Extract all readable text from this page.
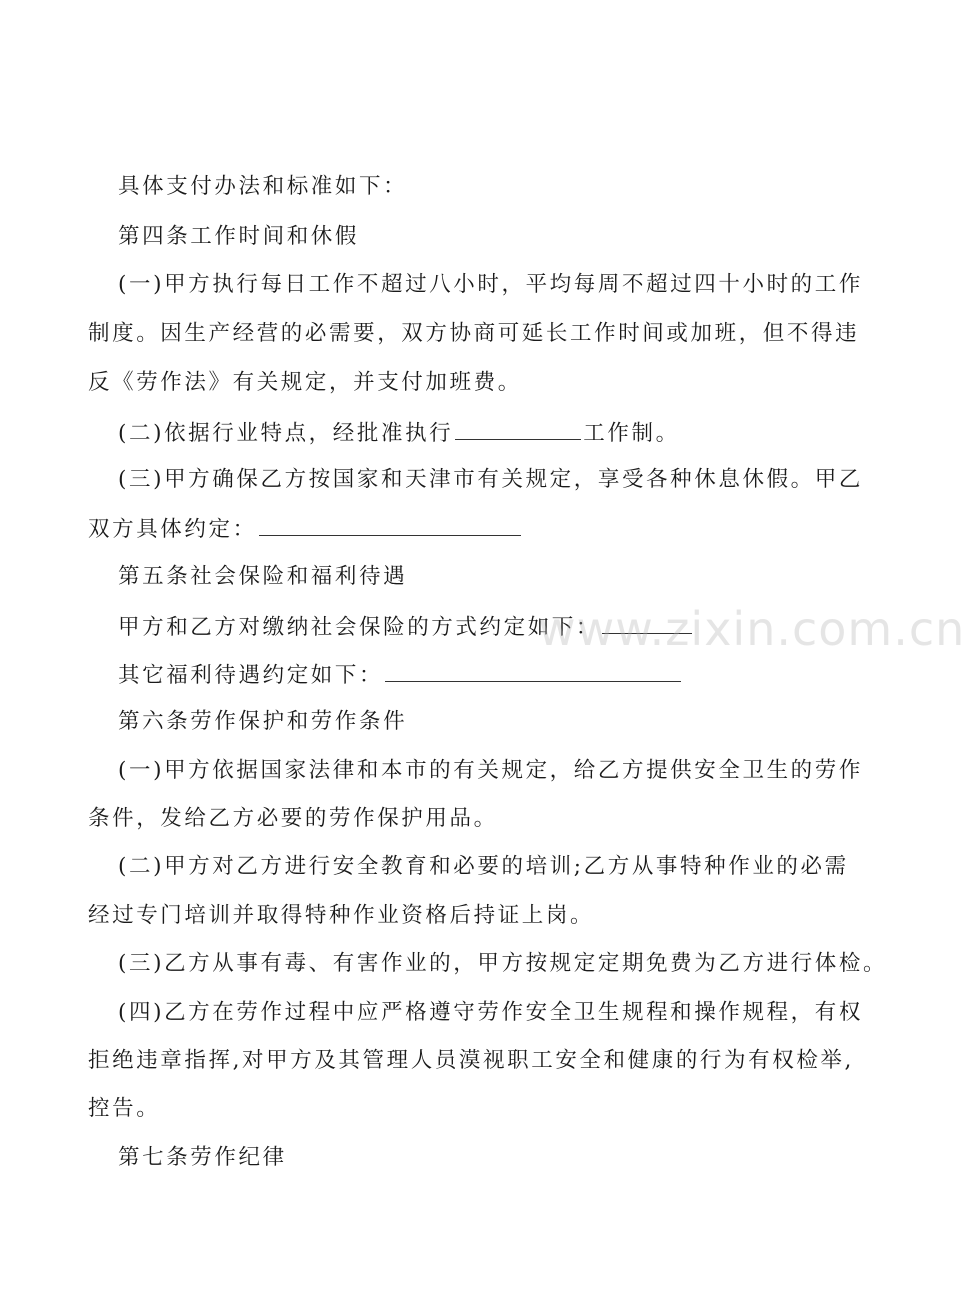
具体支付办法和标准如下：
第四条工作时间和休假
(一)甲方执行每日工作不超过八小时，平均每周不超过四十小时的工作
制度。因生产经营的必需要，双方协商可延长工作时间或加班，但不得违
反《劳作法》有关规定，并支付加班费。
(二)依据行业特点，经批准执行	工作制。
(三)甲方确保乙方按国家和天津市有关规定，享受各种休息休假。甲乙
双方具体约定：
第五条社会保险和福利待遇
甲方和乙方对缴纳社会保险的方式约定如下：
其它福利待遇约定如下：
第六条劳作保护和劳作条件
(一)甲方依据国家法律和本市的有关规定，给乙方提供安全卫生的劳作
条件，发给乙方必要的劳作保护用品。
(二)甲方对乙方进行安全教育和必要的培训;乙方从事特种作业的必需
经过专门培训并取得特种作业资格后持证上岗。
(三)乙方从事有毒、有害作业的，甲方按规定定期免费为乙方进行体检。
(四)乙方在劳作过程中应严格遵守劳作安全卫生规程和操作规程，有权
拒绝违章指挥,对甲方及其管理人员漠视职工安全和健康的行为有权检举,
控告。
第七条劳作纪律
www.zixin.com.cn
